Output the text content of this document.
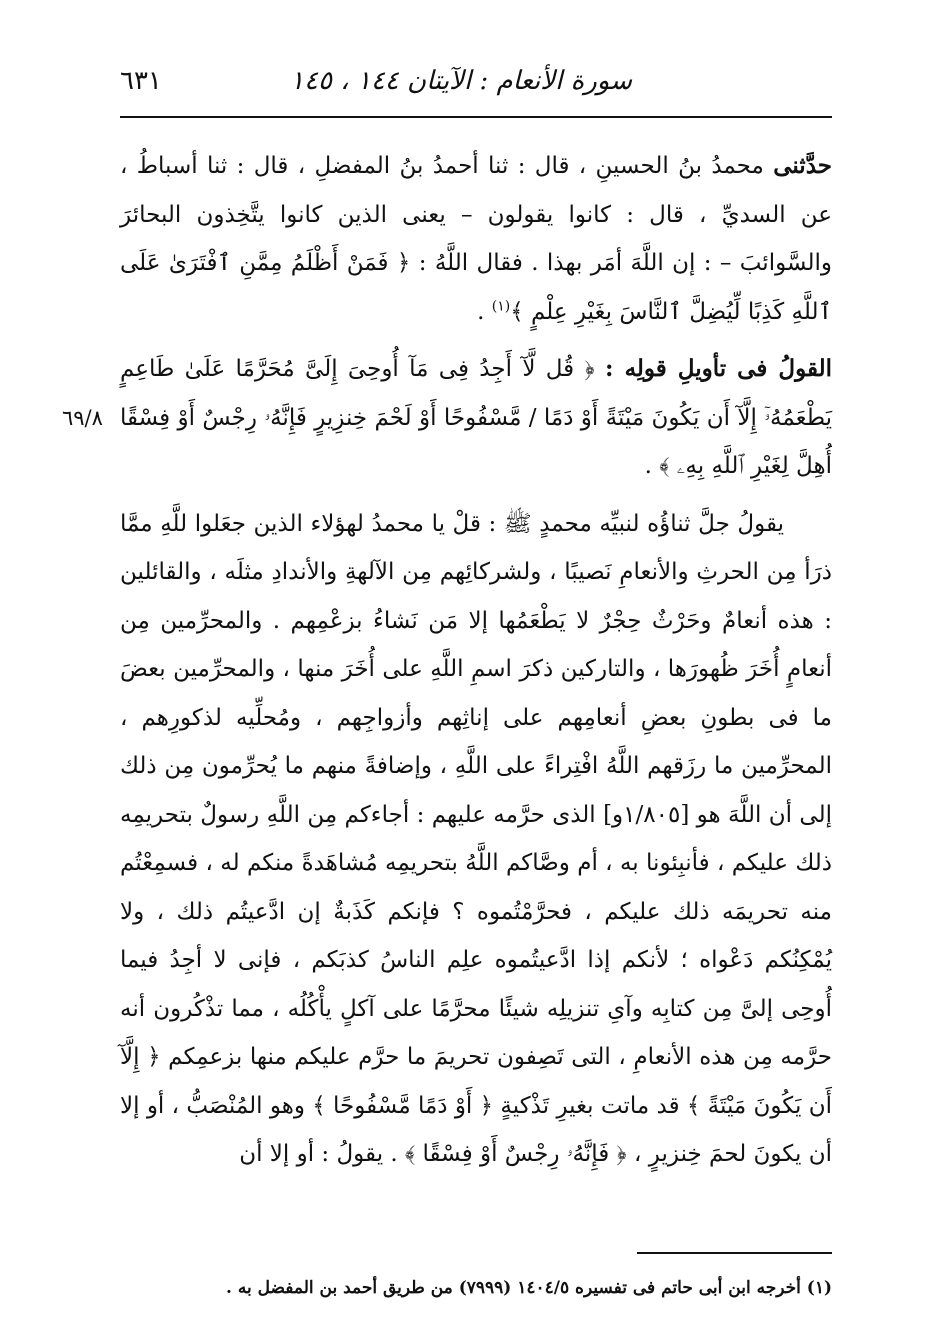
سورة الأنعام : الآيتان ١٤٤ ، ١٤٥
٦٣١
٦٩/٨

حدَّثنى محمدُ بنُ الحسينِ ، قال : ثنا أحمدُ بنُ المفضلِ ، قال : ثنا أسباطُ ، عن السديِّ ، قال : كانوا يقولون – يعنى الذين كانوا يتَّخِذون البحائرَ والسَّوائبَ – : إن اللَّهَ أمَر بهذا . فقال اللَّهُ : ﴿ فَمَنْ أَظْلَمُ مِمَّنِ ٱفْتَرَىٰ عَلَى ٱللَّهِ كَذِبًا لِّيُضِلَّ ٱلنَّاسَ بِغَيْرِ عِلْمٍ ﴾$^{(١)}$ .

القولُ فى تأويلِ قولِه : ﴿ قُل لَّآ أَجِدُ فِى مَآ أُوحِىَ إِلَىَّ مُحَرَّمًا عَلَىٰ طَاعِمٍ يَطْعَمُهُۥٓ إِلَّآ أَن يَكُونَ مَيْتَةً أَوْ دَمًا / مَّسْفُوحًا أَوْ لَحْمَ خِنزِيرٍ فَإِنَّهُۥ رِجْسٌ أَوْ فِسْقًا أُهِلَّ لِغَيْرِ ٱللَّهِ بِهِۦ ﴾ .

يقولُ جلَّ ثناؤُه لنبيِّه محمدٍ ﷺ : قلْ يا محمدُ لهؤلاء الذين جعَلوا للَّهِ ممَّا ذرَأ مِن الحرثِ والأنعامِ نَصيبًا ، ولشركائِهم مِن الآلهةِ والأندادِ مثلَه ، والقائلين : هذه أنعامٌ وحَرْثٌ حِجْرٌ لا يَطْعَمُها إلا مَن نَشاءُ بزعْمِهم . والمحرِّمين مِن أنعامٍ أُخَرَ ظُهورَها ، والتاركين ذكرَ اسمِ اللَّهِ على أُخَرَ منها ، والمحرِّمين بعضَ ما فى بطونِ بعضِ أنعامِهم على إناثِهم وأزواجِهم ، ومُحلِّيه لذكورِهم ، المحرِّمين ما رزَقهم اللَّهُ افْتِراءً على اللَّهِ ، وإضافةً منهم ما يُحرِّمون مِن ذلك إلى أن اللَّهَ هو [١/٨٠٥و] الذى حرَّمه عليهم : أجاءكم مِن اللَّهِ رسولٌ بتحريمِه ذلك عليكم ، فأنبِئونا به ، أم وصَّاكم اللَّهُ بتحريمِه مُشاهَدةً منكم له ، فسمِعْتُم منه تحريمَه ذلك عليكم ، فحرَّمْتُموه ؟ فإنكم كَذَبةٌ إن ادَّعيتُم ذلك ، ولا يُمْكِنُكم دَعْواه ؛ لأنكم إذا ادَّعيتُموه علِم الناسُ كذبَكم ، فإنى لا أجِدُ فيما أُوحِى إلىَّ مِن كتابِه وآىِ تنزيلِه شيئًا محرَّمًا على آكلٍ يأْكُلُه ، مما تذْكُرون أنه حرَّمه مِن هذه الأنعامِ ، التى تَصِفون تحريمَ ما حرَّم عليكم منها بزعمِكم ﴿ إِلَّآ أَن يَكُونَ مَيْتَةً ﴾ قد ماتت بغيرِ تَذْكيةٍ ﴿ أَوْ دَمًا مَّسْفُوحًا ﴾ وهو المُنْصَبُّ ، أو إلا أن يكونَ لحمَ خِنزيرٍ ، ﴿ فَإِنَّهُۥ رِجْسٌ أَوْ فِسْقًا ﴾ . يقولُ : أو إلا أن

(١) أخرجه ابن أبى حاتم فى تفسيره ١٤٠٤/٥ (٧٩٩٩) من طريق أحمد بن المفضل به .
